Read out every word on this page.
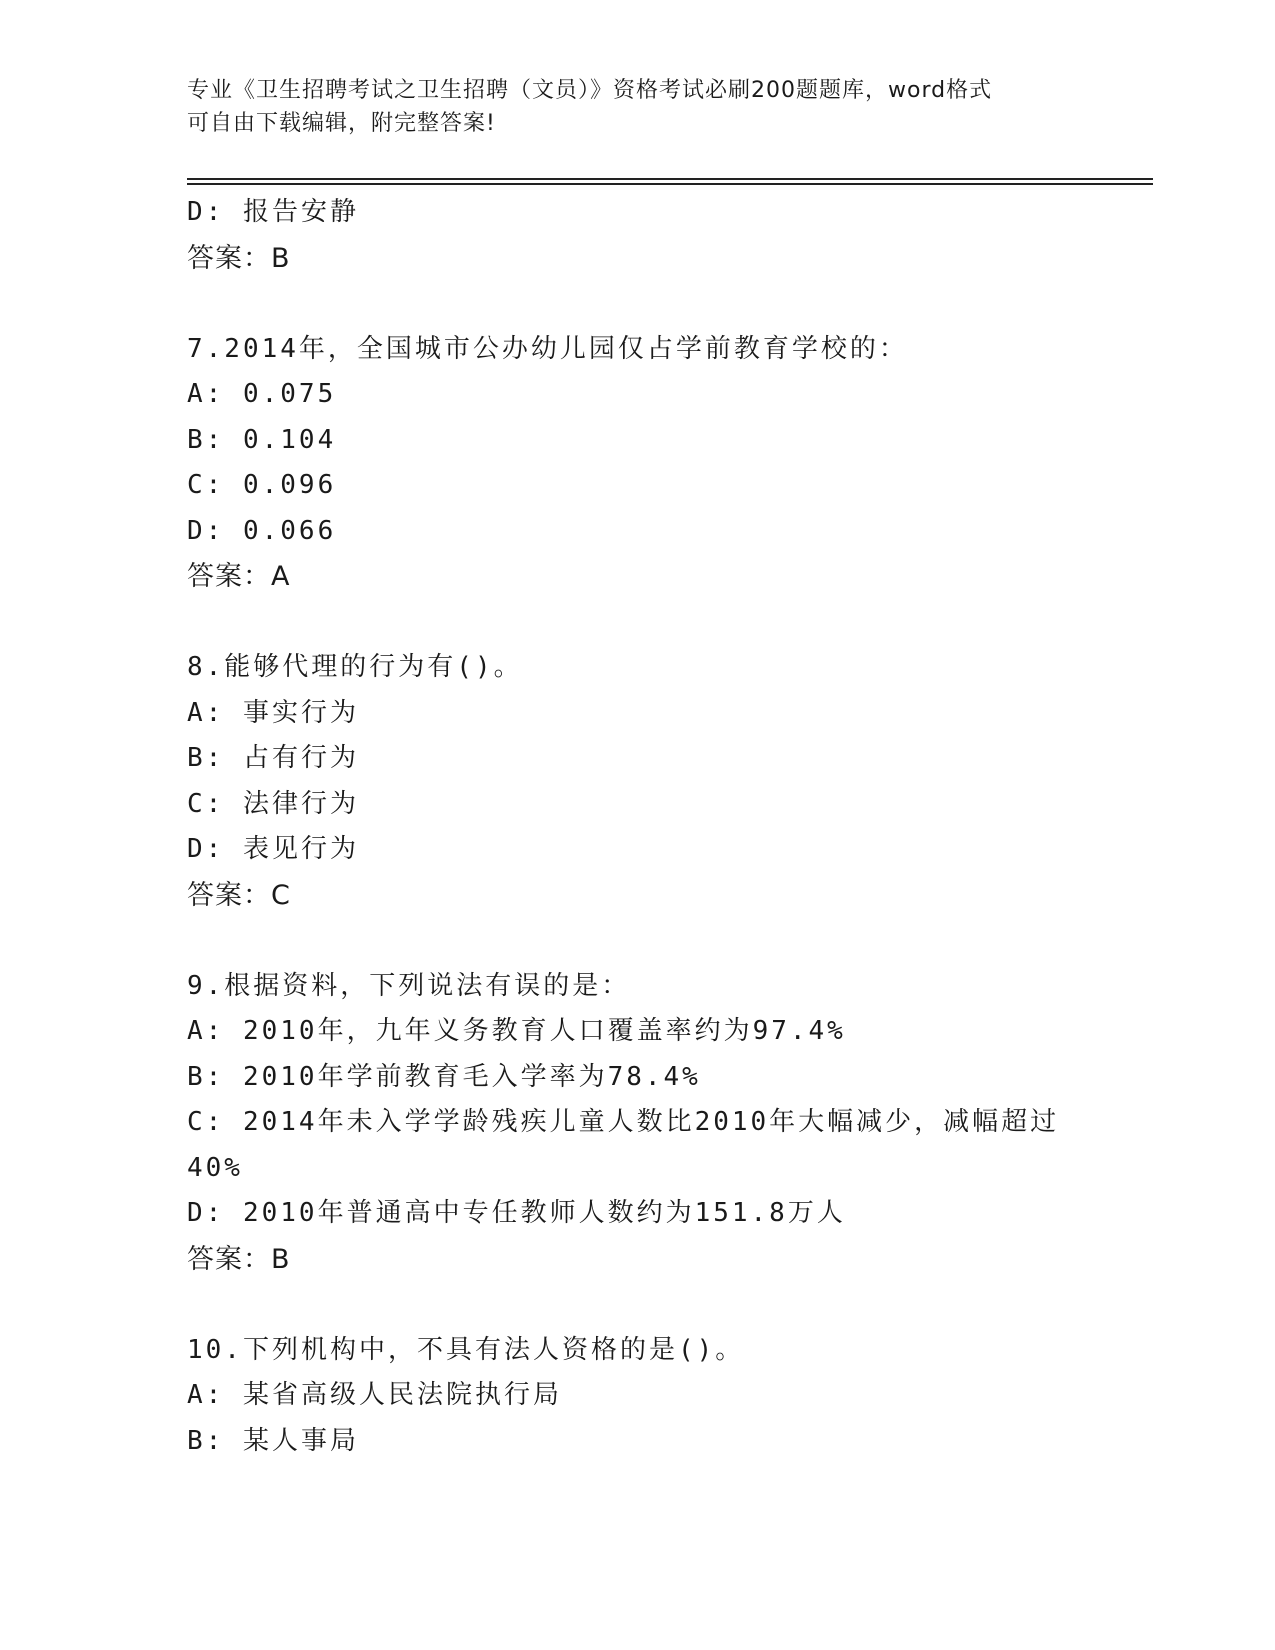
专业《卫生招聘考试之卫生招聘（文员）》资格考试必刷200题题库，word格式
可自由下载编辑，附完整答案!
D: 报告安静
答案：B
7.2014年，全国城市公办幼儿园仅占学前教育学校的：
A: 0.075
B: 0.104
C: 0.096
D: 0.066
答案：A
8.能够代理的行为有()。
A: 事实行为
B: 占有行为
C: 法律行为
D: 表见行为
答案：C
9.根据资料，下列说法有误的是：
A: 2010年，九年义务教育人口覆盖率约为97.4%
B: 2010年学前教育毛入学率为78.4%
C: 2014年未入学学龄残疾儿童人数比2010年大幅减少，减幅超过
40%
D: 2010年普通高中专任教师人数约为151.8万人
答案：B
10.下列机构中，不具有法人资格的是()。
A: 某省高级人民法院执行局
B: 某人事局
